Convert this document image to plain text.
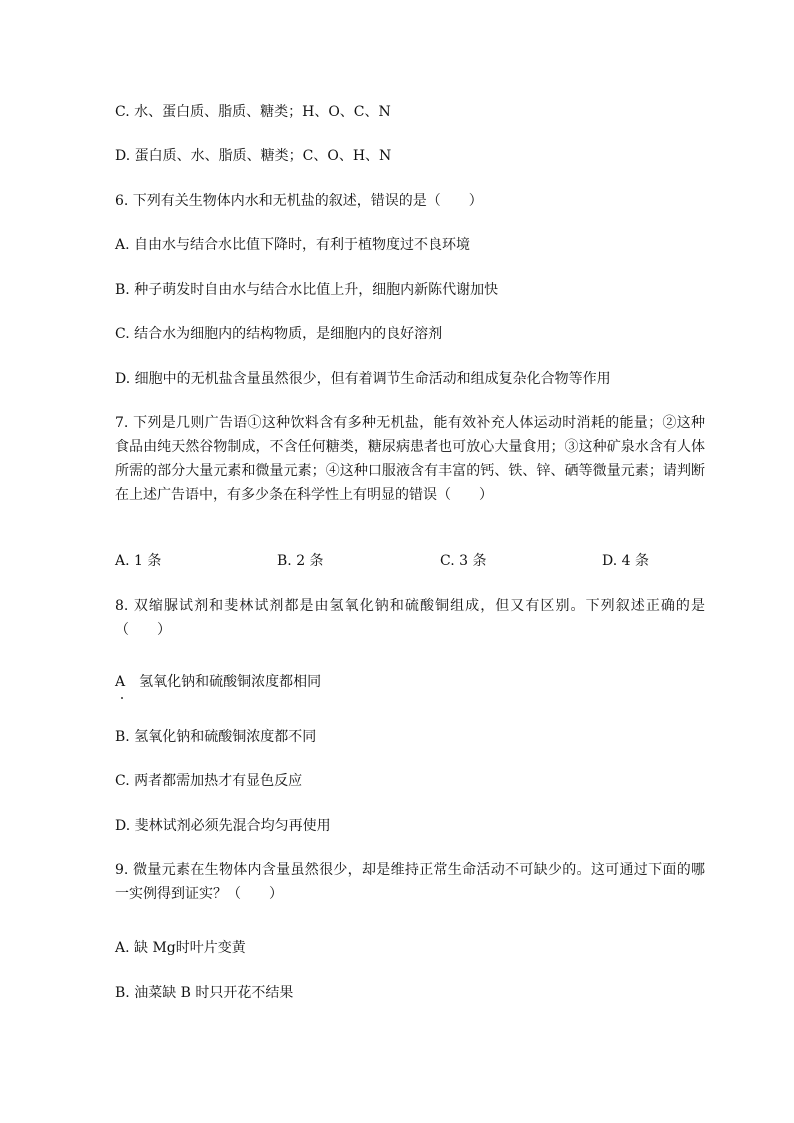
C. 水、蛋白质、脂质、糖类；H、O、C、N
D. 蛋白质、水、脂质、糖类；C、O、H、N
6. 下列有关生物体内水和无机盐的叙述，错误的是（　　）
A. 自由水与结合水比值下降时，有利于植物度过不良环境
B. 种子萌发时自由水与结合水比值上升，细胞内新陈代谢加快
C. 结合水为细胞内的结构物质，是细胞内的良好溶剂
D. 细胞中的无机盐含量虽然很少，但有着调节生命活动和组成复杂化合物等作用
7. 下列是几则广告语①这种饮料含有多种无机盐，能有效补充人体运动时消耗的能量；②这种食品由纯天然谷物制成，不含任何糖类，糖尿病患者也可放心大量食用；③这种矿泉水含有人体所需的部分大量元素和微量元素；④这种口服液含有丰富的钙、铁、锌、硒等微量元素；请判断在上述广告语中，有多少条在科学性上有明显的错误（　　）
A. 1 条	B. 2 条	C. 3 条	D. 4 条
8. 双缩脲试剂和斐林试剂都是由氢氧化钠和硫酸铜组成，但又有区别。下列叙述正确的是（　　）
A　氢氧化钠和硫酸铜浓度都相同
B. 氢氧化钠和硫酸铜浓度都不同
C. 两者都需加热才有显色反应
D. 斐林试剂必须先混合均匀再使用
9. 微量元素在生物体内含量虽然很少，却是维持正常生命活动不可缺少的。这可通过下面的哪一实例得到证实？（　　）
A. 缺 Mg时叶片变黄
B. 油菜缺 B 时只开花不结果
